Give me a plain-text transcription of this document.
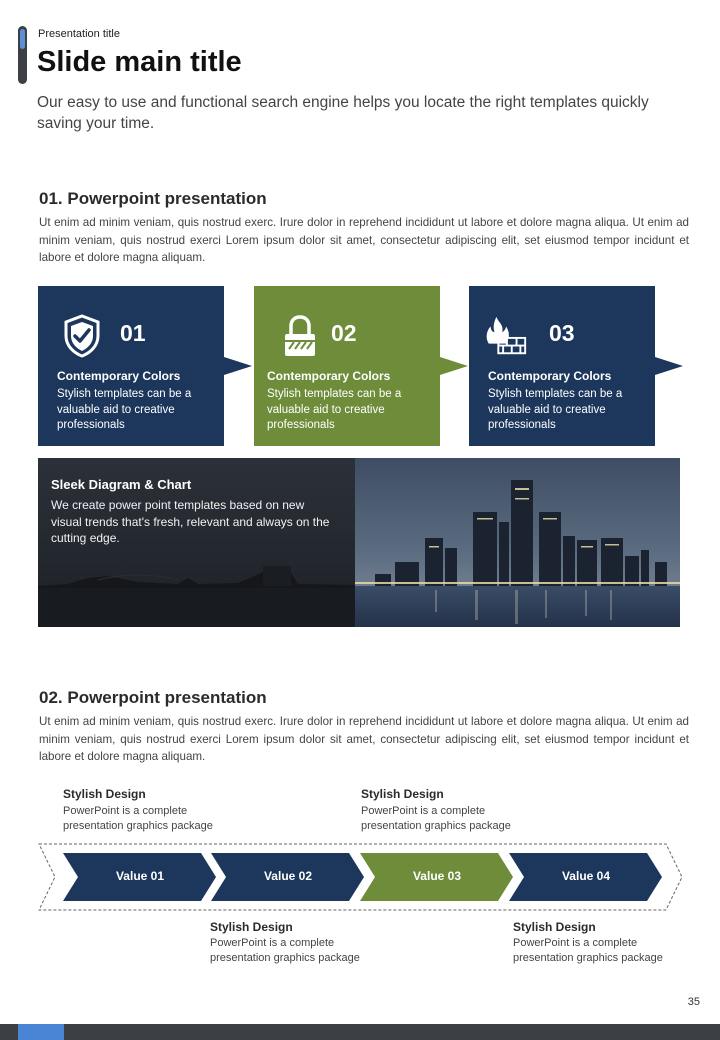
Presentation title
Slide main title
Our easy to use and functional search engine helps you locate the right templates quickly saving your time.
01. Powerpoint presentation
Ut enim ad minim veniam, quis nostrud exerc. Irure dolor in reprehend incididunt ut labore et dolore magna aliqua. Ut enim ad minim veniam, quis nostrud exerci Lorem ipsum dolor sit amet, consectetur adipiscing elit, set eiusmod tempor incidunt et labore et dolore magna aliquam.
01
Contemporary Colors
Stylish templates can be a valuable aid to creative professionals
02
Contemporary Colors
Stylish templates can be a valuable aid to creative professionals
03
Contemporary Colors
Stylish templates can be a valuable aid to creative professionals
Sleek Diagram & Chart
We create power point templates based on new visual trends that's fresh, relevant and always on the cutting edge.
02. Powerpoint presentation
Ut enim ad minim veniam, quis nostrud exerc. Irure dolor in reprehend incididunt ut labore et dolore magna aliqua. Ut enim ad minim veniam, quis nostrud exerci Lorem ipsum dolor sit amet, consectetur adipiscing elit, set eiusmod tempor incidunt et labore et dolore magna aliquam.
Stylish Design
PowerPoint is a complete presentation graphics package
Stylish Design
PowerPoint is a complete presentation graphics package
Value 01	Value 02	Value 03	Value 04
Stylish Design
PowerPoint is a complete presentation graphics package
Stylish Design
PowerPoint is a complete presentation graphics package
35
